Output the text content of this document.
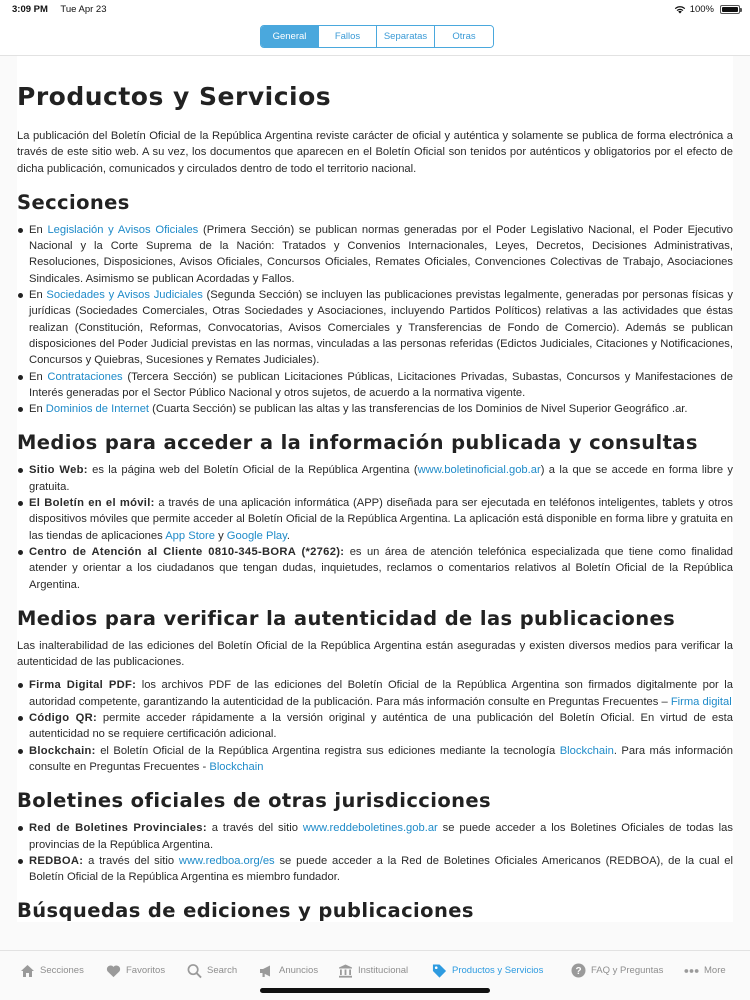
3:09 PM Tue Apr 23	100%
General	Fallos	Separatas	Otras
Productos y Servicios

La publicación del Boletín Oficial de la República Argentina reviste carácter de oficial y auténtica y solamente se publica de forma electrónica a través de este sitio web. A su vez, los documentos que aparecen en el Boletín Oficial son tenidos por auténticos y obligatorios por el efecto de dicha publicación, comunicados y circulados dentro de todo el territorio nacional.

Secciones
En Legislación y Avisos Oficiales (Primera Sección) se publican normas generadas por el Poder Legislativo Nacional, el Poder Ejecutivo Nacional y la Corte Suprema de la Nación: Tratados y Convenios Internacionales, Leyes, Decretos, Decisiones Administrativas, Resoluciones, Disposiciones, Avisos Oficiales, Concursos Oficiales, Remates Oficiales, Convenciones Colectivas de Trabajo, Asociaciones Sindicales. Asimismo se publican Acordadas y Fallos.
En Sociedades y Avisos Judiciales (Segunda Sección) se incluyen las publicaciones previstas legalmente, generadas por personas físicas y jurídicas (Sociedades Comerciales, Otras Sociedades y Asociaciones, incluyendo Partidos Políticos) relativas a las actividades que éstas realizan (Constitución, Reformas, Convocatorias, Avisos Comerciales y Transferencias de Fondo de Comercio). Además se publican disposiciones del Poder Judicial previstas en las normas, vinculadas a las personas referidas (Edictos Judiciales, Citaciones y Notificaciones, Concursos y Quiebras, Sucesiones y Remates Judiciales).
En Contrataciones (Tercera Sección) se publican Licitaciones Públicas, Licitaciones Privadas, Subastas, Concursos y Manifestaciones de Interés generadas por el Sector Público Nacional y otros sujetos, de acuerdo a la normativa vigente.
En Dominios de Internet (Cuarta Sección) se publican las altas y las transferencias de los Dominios de Nivel Superior Geográfico .ar.
Medios para acceder a la información publicada y consultas
Sitio Web: es la página web del Boletín Oficial de la República Argentina (www.boletinoficial.gob.ar) a la que se accede en forma libre y gratuita.
El Boletín en el móvil: a través de una aplicación informática (APP) diseñada para ser ejecutada en teléfonos inteligentes, tablets y otros dispositivos móviles que permite acceder al Boletín Oficial de la República Argentina. La aplicación está disponible en forma libre y gratuita en las tiendas de aplicaciones App Store y Google Play.
Centro de Atención al Cliente 0810-345-BORA (*2762): es un área de atención telefónica especializada que tiene como finalidad atender y orientar a los ciudadanos que tengan dudas, inquietudes, reclamos o comentarios relativos al Boletín Oficial de la República Argentina.
Medios para verificar la autenticidad de las publicaciones

Las inalterabilidad de las ediciones del Boletín Oficial de la República Argentina están aseguradas y existen diversos medios para verificar la autenticidad de las publicaciones.

Firma Digital PDF: los archivos PDF de las ediciones del Boletín Oficial de la República Argentina son firmados digitalmente por la autoridad competente, garantizando la autenticidad de la publicación. Para más información consulte en Preguntas Frecuentes – Firma digital
Código QR: permite acceder rápidamente a la versión original y auténtica de una publicación del Boletín Oficial. En virtud de esta autenticidad no se requiere certificación adicional.
Blockchain: el Boletín Oficial de la República Argentina registra sus ediciones mediante la tecnología Blockchain. Para más información consulte en Preguntas Frecuentes - Blockchain
Boletines oficiales de otras jurisdicciones
Red de Boletines Provinciales: a través del sitio www.reddeboletines.gob.ar se puede acceder a los Boletines Oficiales de todas las provincias de la República Argentina.
REDBOA: a través del sitio www.redboa.org/es se puede acceder a la Red de Boletines Oficiales Americanos (REDBOA), de la cual el Boletín Oficial de la República Argentina es miembro fundador.
Búsquedas de ediciones y publicaciones
Secciones	Favoritos	Search	Anuncios	Institucional	Productos y Servicios	? FAQ y Preguntas	More
